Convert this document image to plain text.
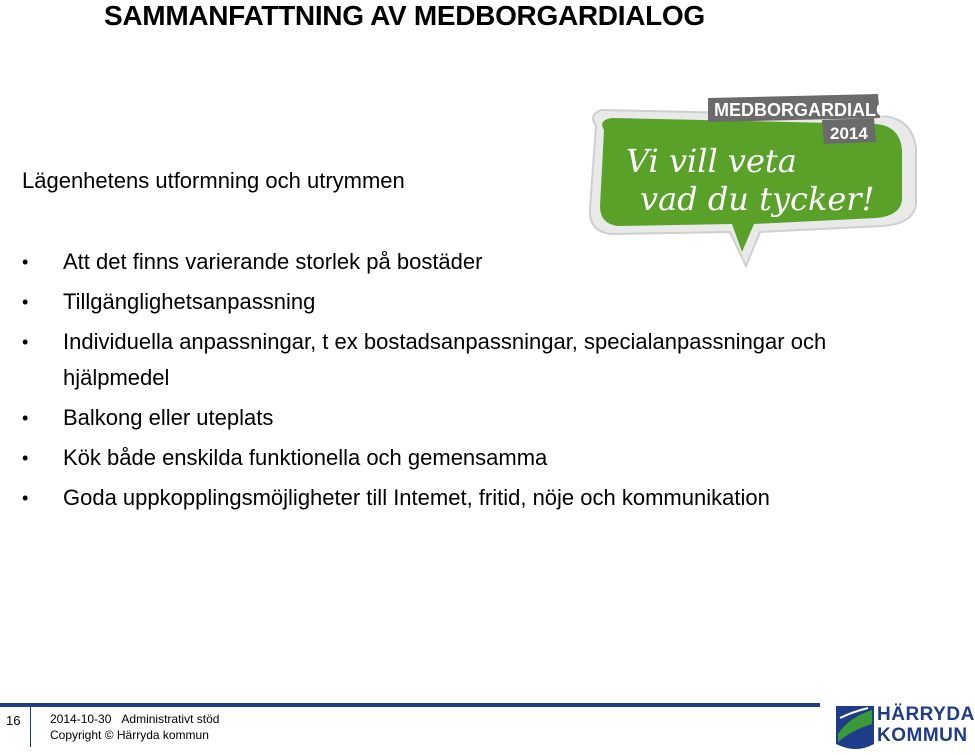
SAMMANFATTNING AV MEDBORGARDIALOG
Lägenhetens utformning och utrymmen
• Att det finns varierande storlek på bostäder
• Tillgänglighetsanpassning
• Individuella anpassningar, t ex bostadsanpassningar, specialanpassningar och hjälpmedel
• Balkong eller uteplats
• Kök både enskilda funktionella och gemensamma
• Goda uppkopplingsmöjligheter till Intemet, fritid, nöje och kommunikation
MEDBORGARDIALOG
2014
Vi vill veta
vad du tycker!
16 2014-10-30 Administrativt stöd
Copyright © Härryda kommun
HÄRRYDA
KOMMUN
